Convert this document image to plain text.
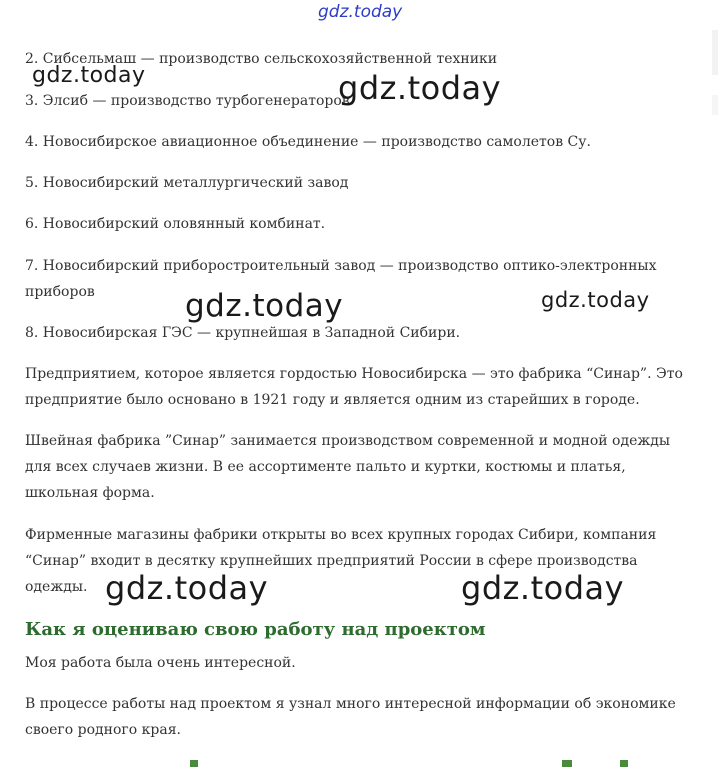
gdz.today

2. Сибсельмаш — производство сельскохозяйственной техники

3. Элсиб — производство турбогенераторов

4. Новосибирское авиационное объединение — производство самолетов Су.

5. Новосибирский металлургический завод

6. Новосибирский оловянный комбинат.

7. Новосибирский приборостроительный завод — производство оптико-электронных приборов

8. Новосибирская ГЭС — крупнейшая в Западной Сибири.

Предприятием, которое является гордостью Новосибирска — это фабрика “Синар”. Это предприятие было основано в 1921 году и является одним из старейших в городе.

Швейная фабрика ”Синар” занимается производством современной и модной одежды для всех случаев жизни. В ее ассортименте пальто и куртки, костюмы и платья, школьная форма.

Фирменные магазины фабрики открыты во всех крупных городах Сибири, компания “Синар” входит в десятку крупнейших предприятий России в сфере производства одежды.

Как я оцениваю свою работу над проектом

Моя работа была очень интересной.

В процессе работы над проектом я узнал много интересной информации об экономике своего родного края.

gdz.today	gdz.today
gdz.today	gdz.today
gdz.today	gdz.today
